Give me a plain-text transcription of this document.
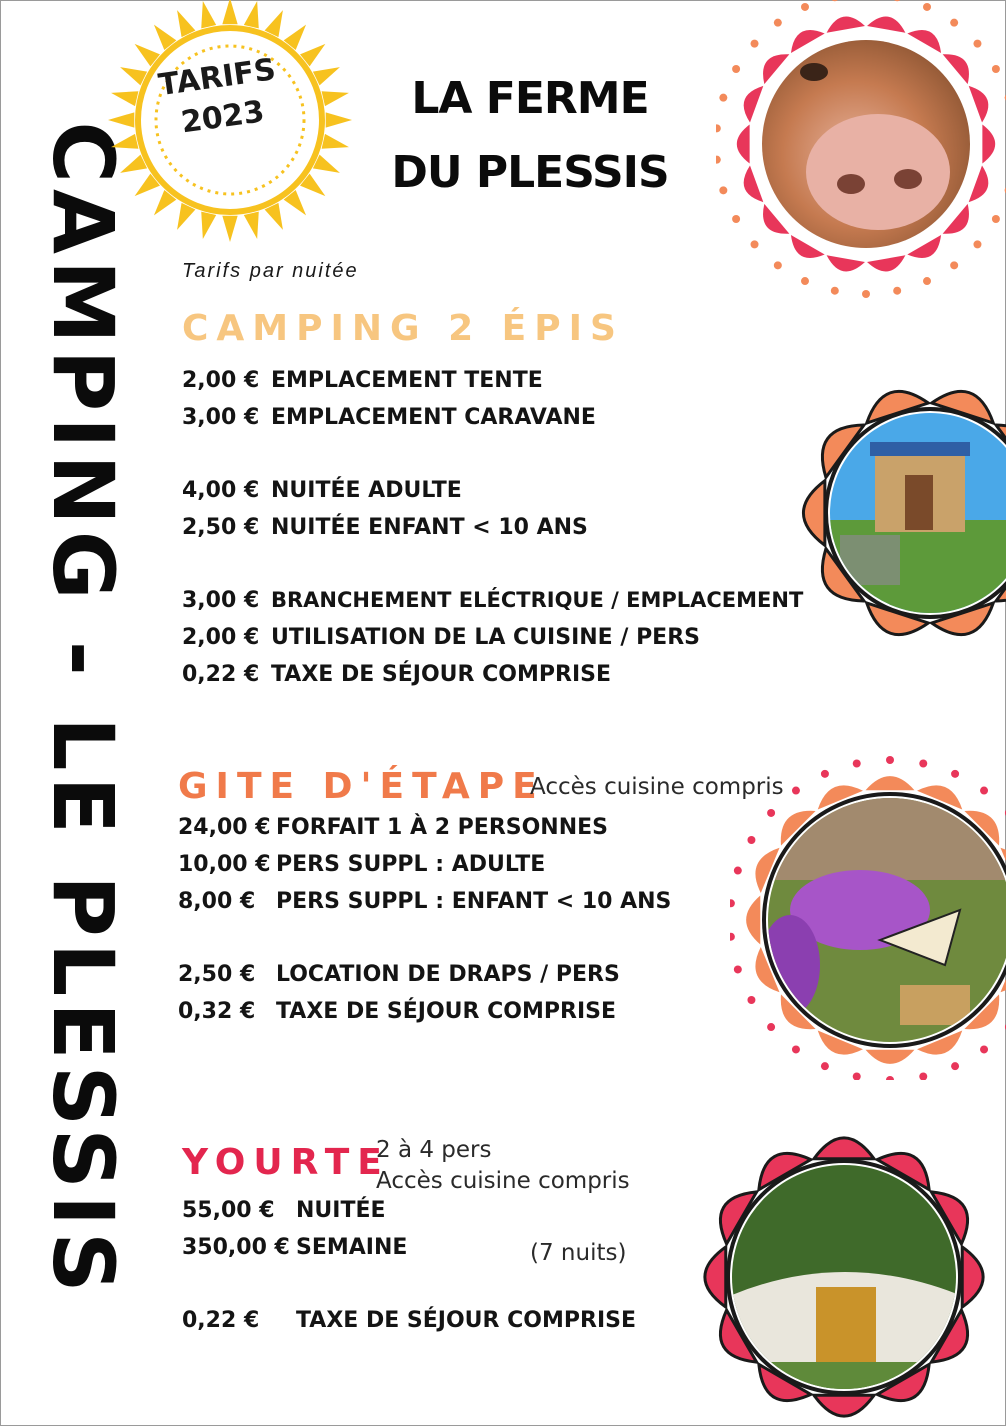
CAMPING - LE PLESSIS
TARIFS
2023	LA FERME
DU PLESSIS
Tarifs par nuitée
CAMPING 2 ÉPIS
2,00 € EMPLACEMENT TENTE
3,00 € EMPLACEMENT CARAVANE
4,00 € NUITÉE ADULTE
2,50 € NUITÉE ENFANT < 10 ANS
3,00 € BRANCHEMENT ELÉCTRIQUE / EMPLACEMENT
2,00 € UTILISATION DE LA CUISINE / PERS
0,22 € TAXE DE SÉJOUR COMPRISE
GITE D'ÉTAPE
Accès cuisine compris
24,00 € FORFAIT 1 À 2 PERSONNES
10,00 € PERS SUPPL : ADULTE
8,00 € PERS SUPPL : ENFANT < 10 ANS
2,50 € LOCATION DE DRAPS / PERS
0,32 € TAXE DE SÉJOUR COMPRISE
YOURTE
2 à 4 pers
Accès cuisine compris
55,00 € NUITÉE
350,00 € SEMAINE	(7 nuits)
0,22 € TAXE DE SÉJOUR COMPRISE
